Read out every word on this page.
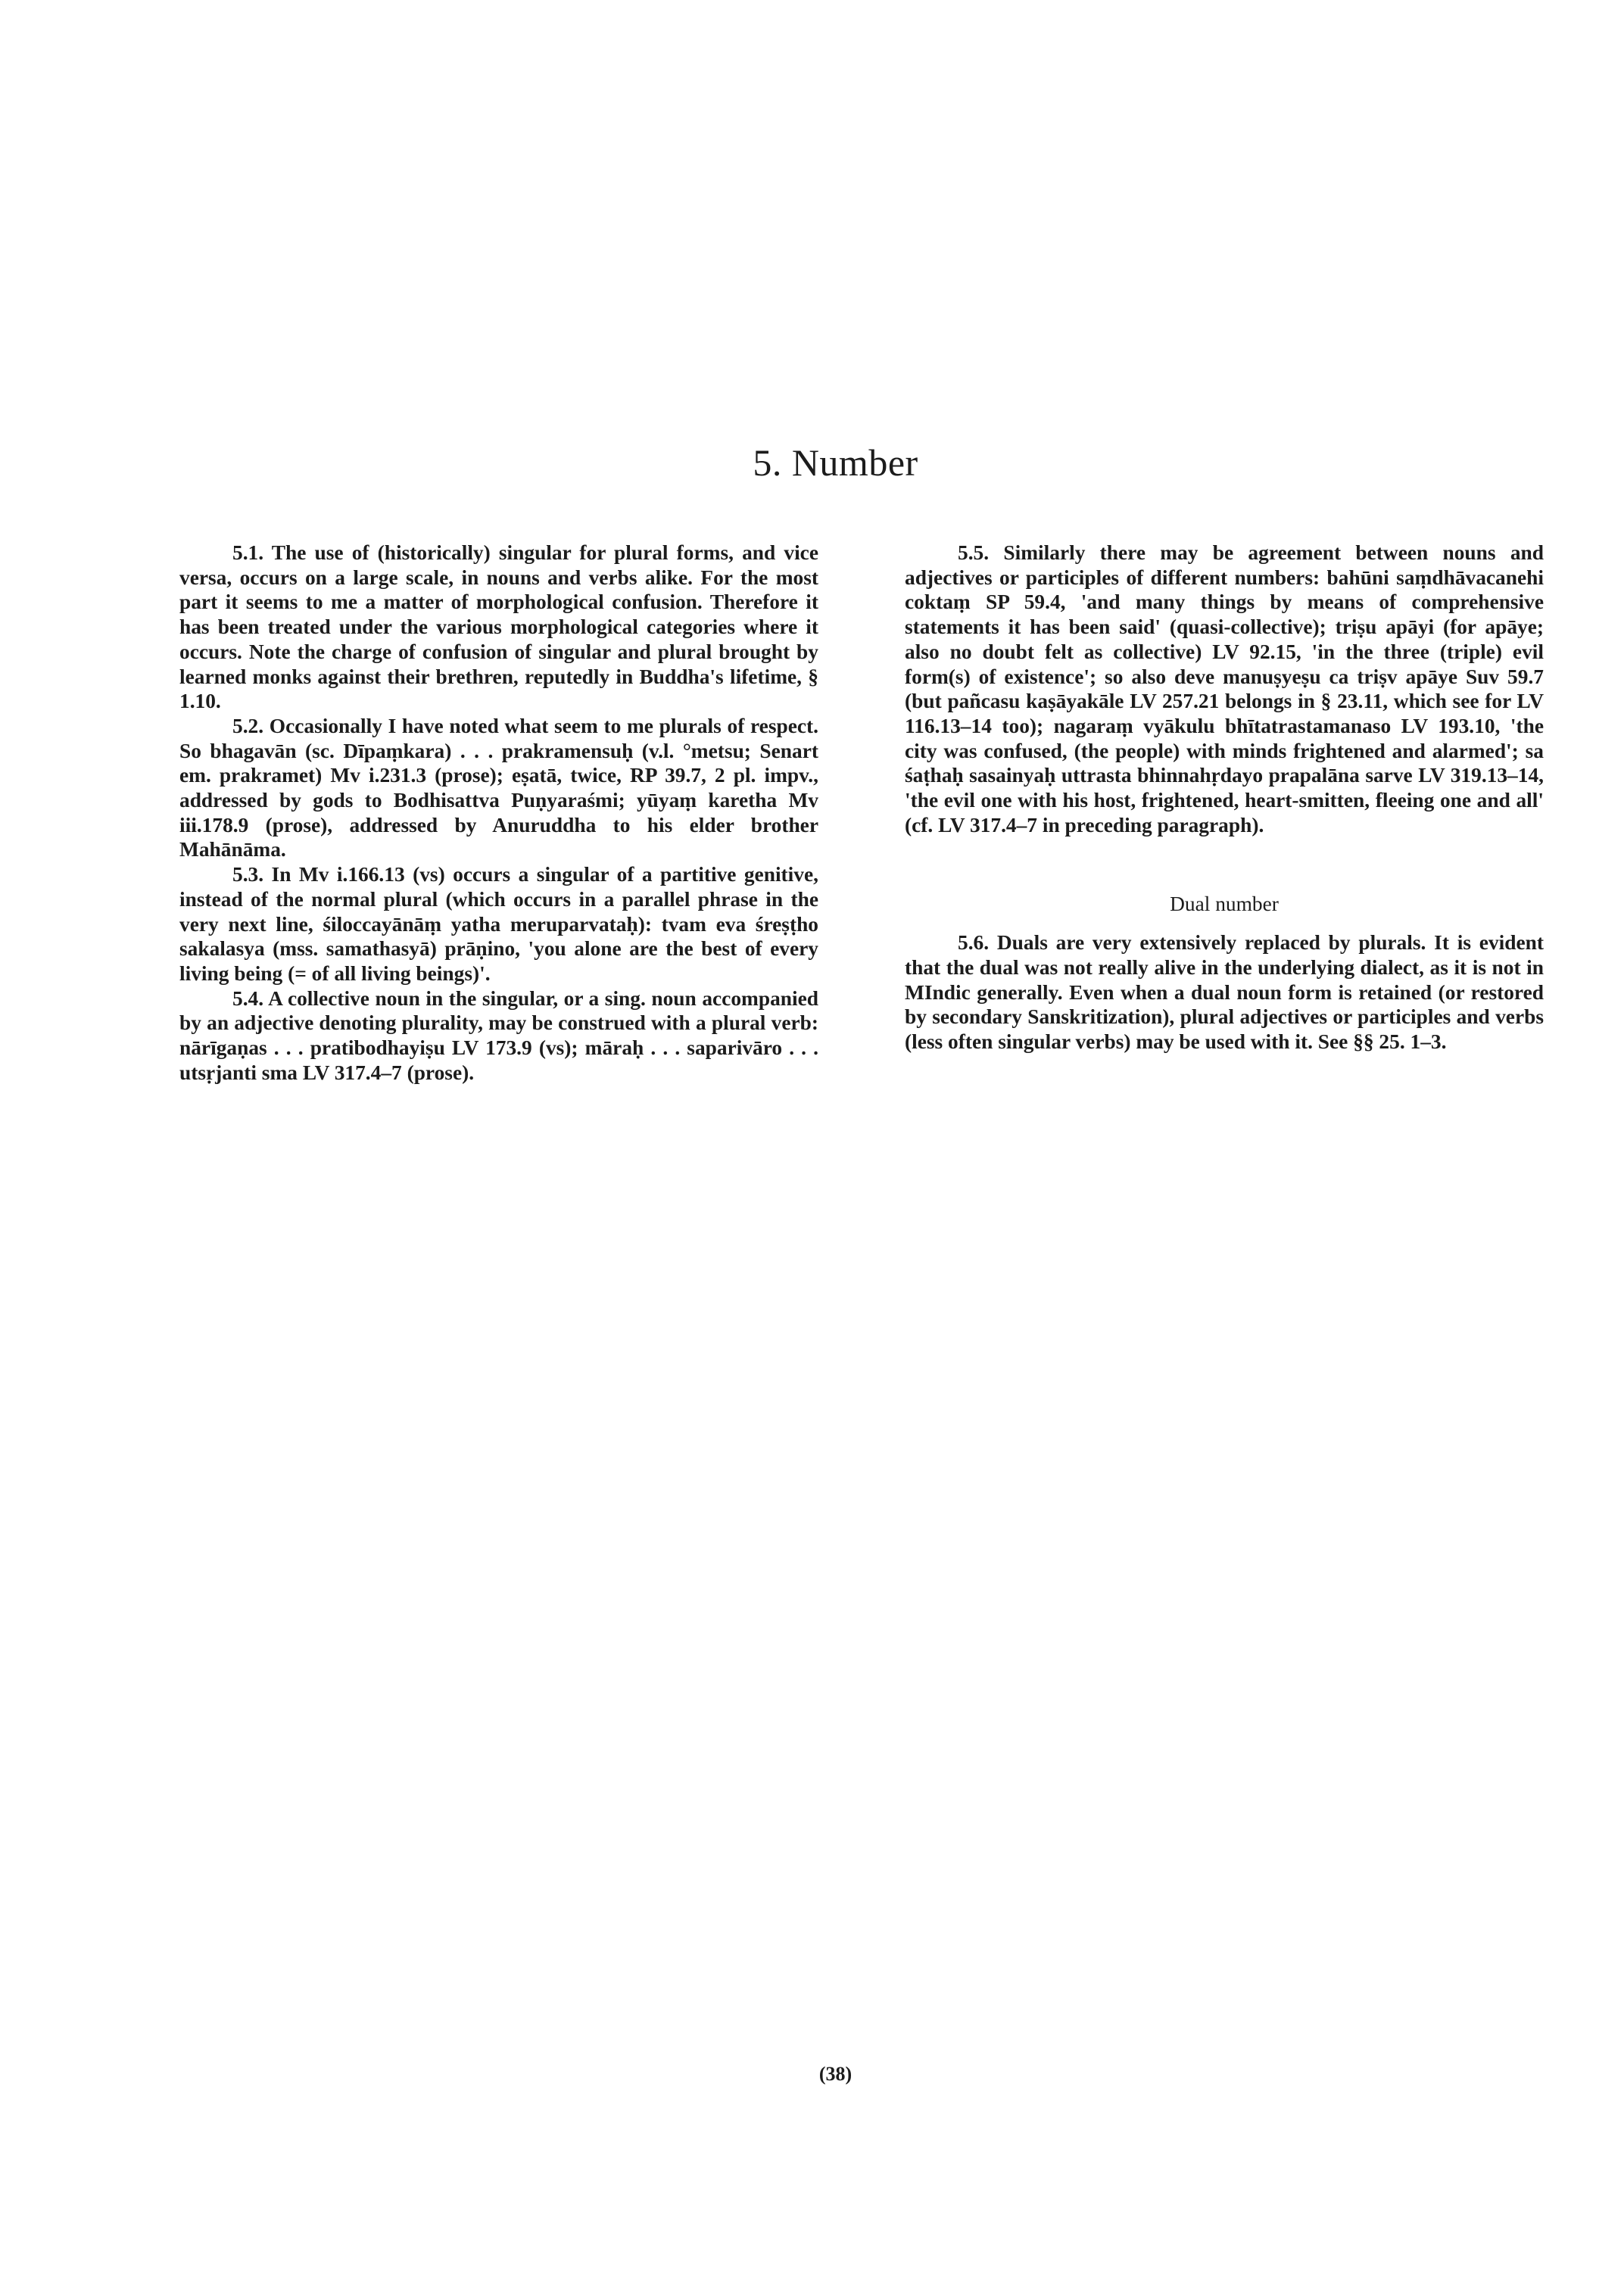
5. Number

5.1. The use of (historically) singular for plural forms, and vice versa, occurs on a large scale, in nouns and verbs alike. For the most part it seems to me a matter of morphological confusion. Therefore it has been treated under the various morphological categories where it occurs. Note the charge of confusion of singular and plural brought by learned monks against their brethren, reputedly in Buddha's lifetime, § 1.10.

5.2. Occasionally I have noted what seem to me plurals of respect. So bhagavān (sc. Dīpaṃkara) . . . prakramensuḥ (v.l. °metsu; Senart em. prakramet) Mv i.231.3 (prose); eṣatā, twice, RP 39.7, 2 pl. impv., addressed by gods to Bodhisattva Puṇyaraśmi; yūyaṃ karetha Mv iii.178.9 (prose), addressed by Anuruddha to his elder brother Mahānāma.

5.3. In Mv i.166.13 (vs) occurs a singular of a partitive genitive, instead of the normal plural (which occurs in a parallel phrase in the very next line, śiloccayānāṃ yatha meruparvataḥ): tvam eva śreṣṭho sakalasya (mss. samathasyā) prāṇino, 'you alone are the best of every living being (= of all living beings)'.

5.4. A collective noun in the singular, or a sing. noun accompanied by an adjective denoting plurality, may be construed with a plural verb: nārīgaṇas . . . pratibodhayiṣu LV 173.9 (vs); māraḥ . . . saparivāro . . . utsṛjanti sma LV 317.4–7 (prose).

5.5. Similarly there may be agreement between nouns and adjectives or participles of different numbers: bahūni saṃdhāvacanehi coktaṃ SP 59.4, 'and many things by means of comprehensive statements it has been said' (quasi-collective); triṣu apāyi (for apāye; also no doubt felt as collective) LV 92.15, 'in the three (triple) evil form(s) of existence'; so also deve manuṣyeṣu ca triṣv apāye Suv 59.7 (but pañcasu kaṣāyakāle LV 257.21 belongs in § 23.11, which see for LV 116.13–14 too); nagaraṃ vyākulu bhītatrastamanaso LV 193.10, 'the city was confused, (the people) with minds frightened and alarmed'; sa śaṭhaḥ sasainyaḥ uttrasta bhinnahṛdayo prapalāna sarve LV 319.13–14, 'the evil one with his host, frightened, heart-smitten, fleeing one and all' (cf. LV 317.4–7 in preceding paragraph).

Dual number

5.6. Duals are very extensively replaced by plurals. It is evident that the dual was not really alive in the underlying dialect, as it is not in MIndic generally. Even when a dual noun form is retained (or restored by secondary Sanskritization), plural adjectives or participles and verbs (less often singular verbs) may be used with it. See §§ 25. 1–3.

(38)
